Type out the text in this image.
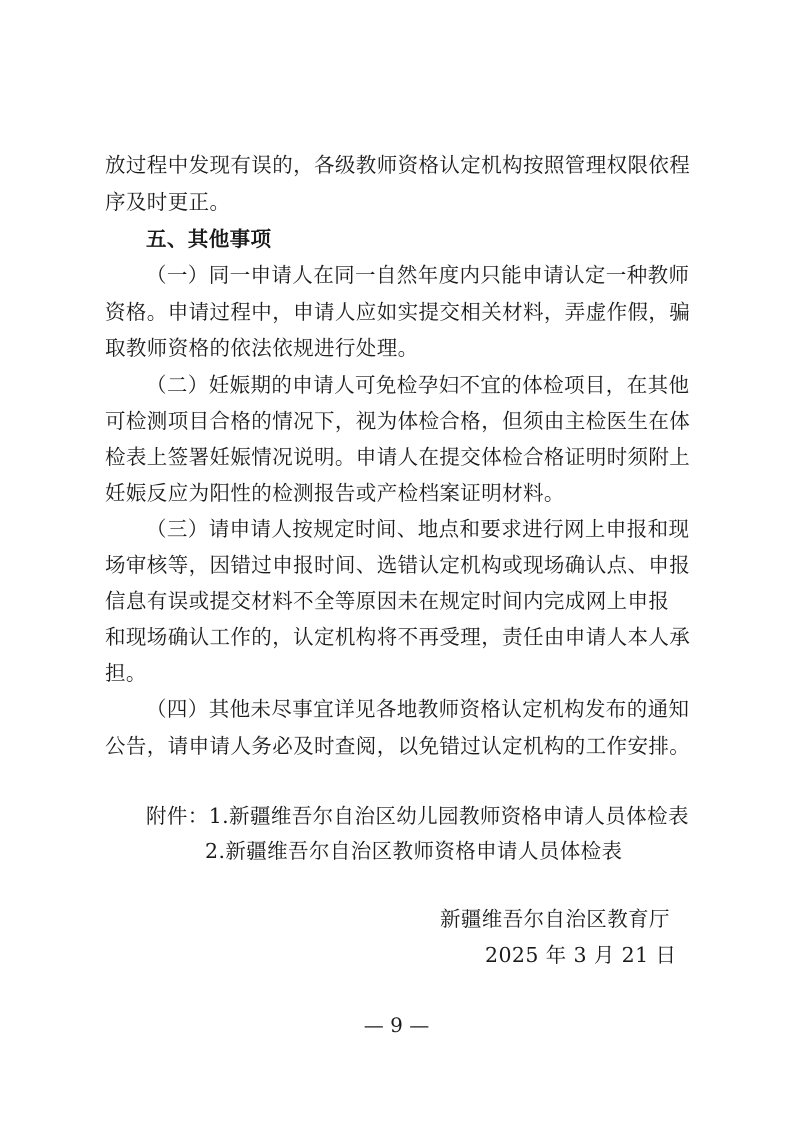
放过程中发现有误的，各级教师资格认定机构按照管理权限依程
序及时更正。
五、其他事项
（一）同一申请人在同一自然年度内只能申请认定一种教师
资格。申请过程中，申请人应如实提交相关材料，弄虚作假，骗
取教师资格的依法依规进行处理。
（二）妊娠期的申请人可免检孕妇不宜的体检项目，在其他
可检测项目合格的情况下，视为体检合格，但须由主检医生在体
检表上签署妊娠情况说明。申请人在提交体检合格证明时须附上
妊娠反应为阳性的检测报告或产检档案证明材料。
（三）请申请人按规定时间、地点和要求进行网上申报和现
场审核等，因错过申报时间、选错认定机构或现场确认点、申报
信息有误或提交材料不全等原因未在规定时间内完成网上申报
和现场确认工作的，认定机构将不再受理，责任由申请人本人承
担。
（四）其他未尽事宜详见各地教师资格认定机构发布的通知
公告，请申请人务必及时查阅，以免错过认定机构的工作安排。
附件：1.新疆维吾尔自治区幼儿园教师资格申请人员体检表
2.新疆维吾尔自治区教师资格申请人员体检表
新疆维吾尔自治区教育厅
2025 年 3 月 21 日
— 9 —
